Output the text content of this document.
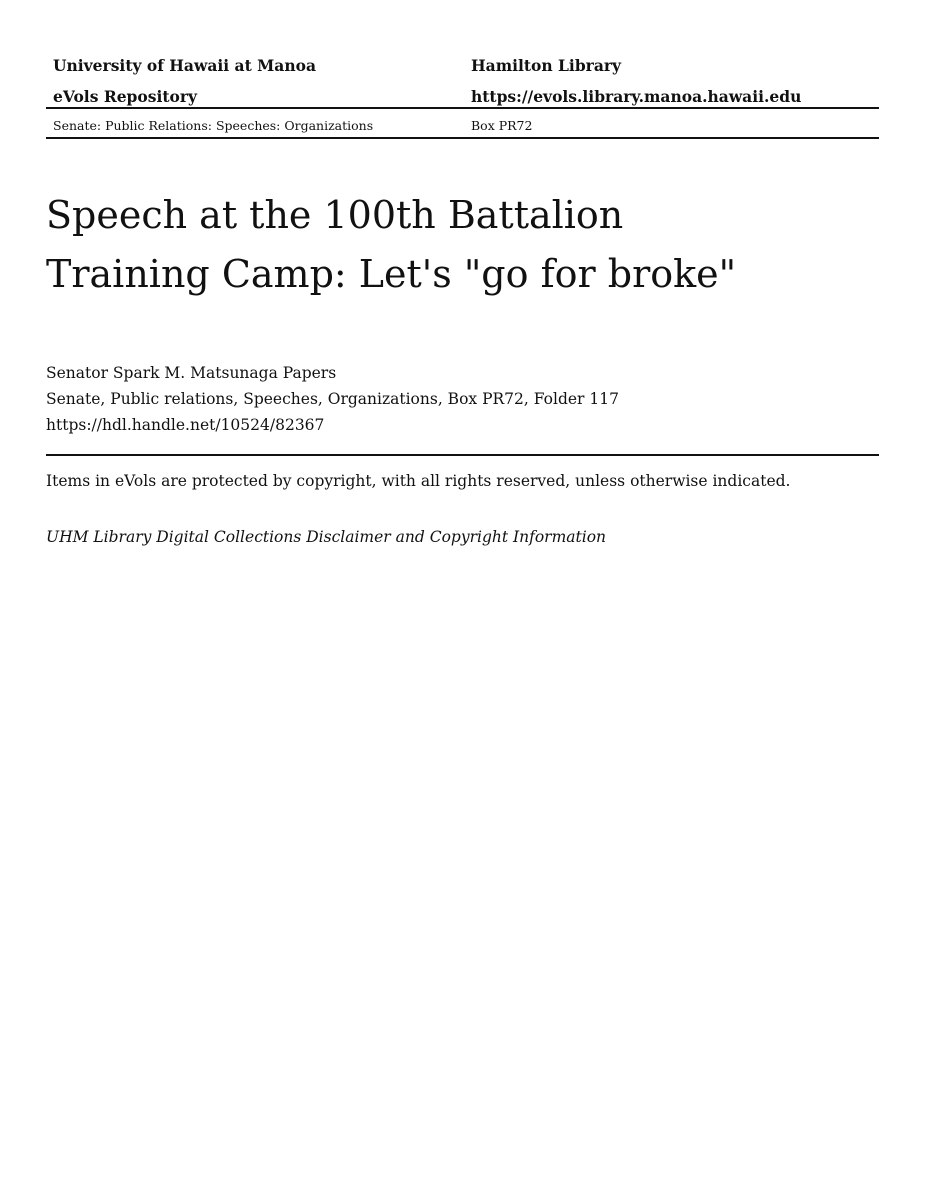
University of Hawaii at Manoa	Hamilton Library
eVols Repository	https://evols.library.manoa.hawaii.edu
Senate: Public Relations: Speeches: Organizations	Box PR72
Speech at the 100th Battalion
Training Camp: Let's "go for broke"
Senator Spark M. Matsunaga Papers
Senate, Public relations, Speeches, Organizations, Box PR72, Folder 117
https://hdl.handle.net/10524/82367
Items in eVols are protected by copyright, with all rights reserved, unless otherwise indicated.
UHM Library Digital Collections Disclaimer and Copyright Information
